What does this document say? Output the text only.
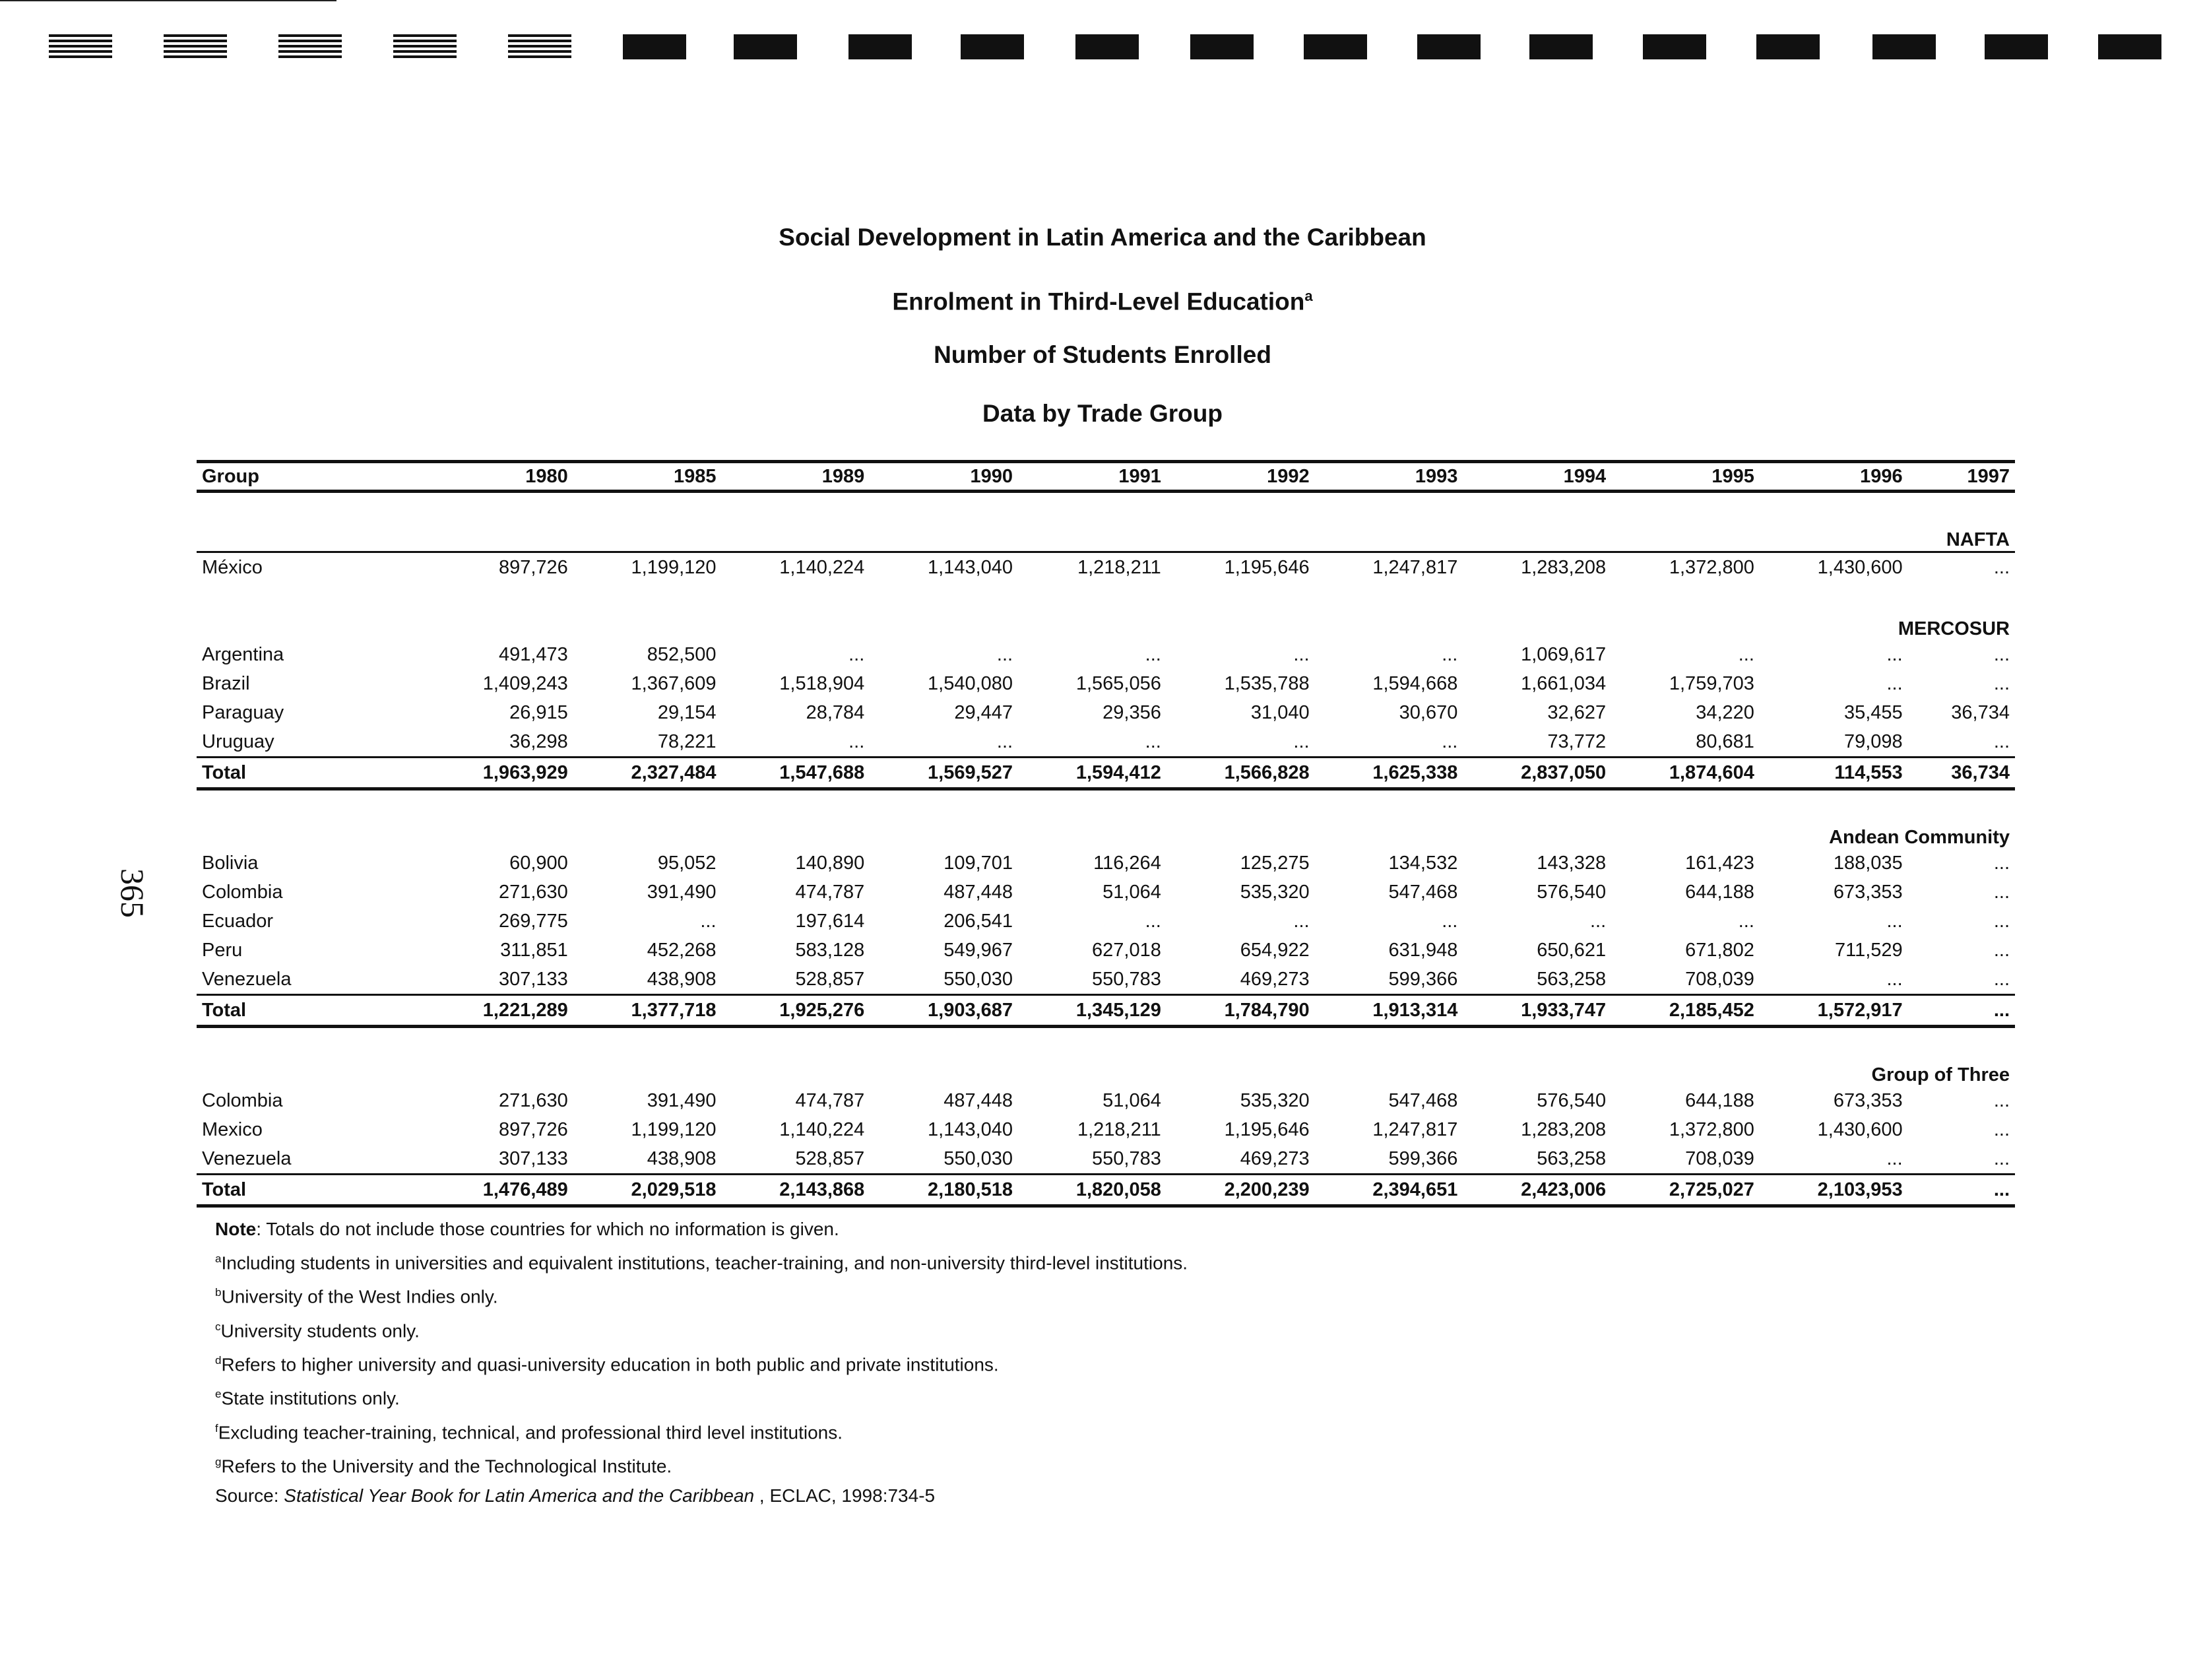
Social Development in Latin America and the Caribbean
Enrolment in Third-Level Education$^a$
Number of Students Enrolled
Data by Trade Group
365
Group	1980	1985	1989	1990	1991	1992	1993	1994	1995	1996	1997

NAFTA											
México	897,726	1,199,120	1,140,224	1,143,040	1,218,211	1,195,646	1,247,817	1,283,208	1,372,800	1,430,600	...

MERCOSUR											
Argentina	491,473	852,500	...	...	...	...	...	1,069,617	...	...	...
Brazil	1,409,243	1,367,609	1,518,904	1,540,080	1,565,056	1,535,788	1,594,668	1,661,034	1,759,703	...	...
Paraguay	26,915	29,154	28,784	29,447	29,356	31,040	30,670	32,627	34,220	35,455	36,734
Uruguay	36,298	78,221	...	...	...	...	...	73,772	80,681	79,098	...
Total	1,963,929	2,327,484	1,547,688	1,569,527	1,594,412	1,566,828	1,625,338	2,837,050	1,874,604	114,553	36,734

Andean Community											
Bolivia	60,900	95,052	140,890	109,701	116,264	125,275	134,532	143,328	161,423	188,035	...
Colombia	271,630	391,490	474,787	487,448	51,064	535,320	547,468	576,540	644,188	673,353	...
Ecuador	269,775	...	197,614	206,541	...	...	...	...	...	...	...
Peru	311,851	452,268	583,128	549,967	627,018	654,922	631,948	650,621	671,802	711,529	...
Venezuela	307,133	438,908	528,857	550,030	550,783	469,273	599,366	563,258	708,039	...	...
Total	1,221,289	1,377,718	1,925,276	1,903,687	1,345,129	1,784,790	1,913,314	1,933,747	2,185,452	1,572,917	...

Group of Three											
Colombia	271,630	391,490	474,787	487,448	51,064	535,320	547,468	576,540	644,188	673,353	...
Mexico	897,726	1,199,120	1,140,224	1,143,040	1,218,211	1,195,646	1,247,817	1,283,208	1,372,800	1,430,600	...
Venezuela	307,133	438,908	528,857	550,030	550,783	469,273	599,366	563,258	708,039	...	...
Total	1,476,489	2,029,518	2,143,868	2,180,518	1,820,058	2,200,239	2,394,651	2,423,006	2,725,027	2,103,953	...
Note: Totals do not include those countries for which no information is given.
$^a$Including students in universities and equivalent institutions, teacher-training, and non-university third-level institutions.
$^b$University of the West Indies only.
$^c$University students only.
$^d$Refers to higher university and quasi-university education in both public and private institutions.
$^e$State institutions only.
$^f$Excluding teacher-training, technical, and professional third level institutions.
$^g$Refers to the University and the Technological Institute.
Source: Statistical Year Book for Latin America and the Caribbean , ECLAC, 1998:734-5
